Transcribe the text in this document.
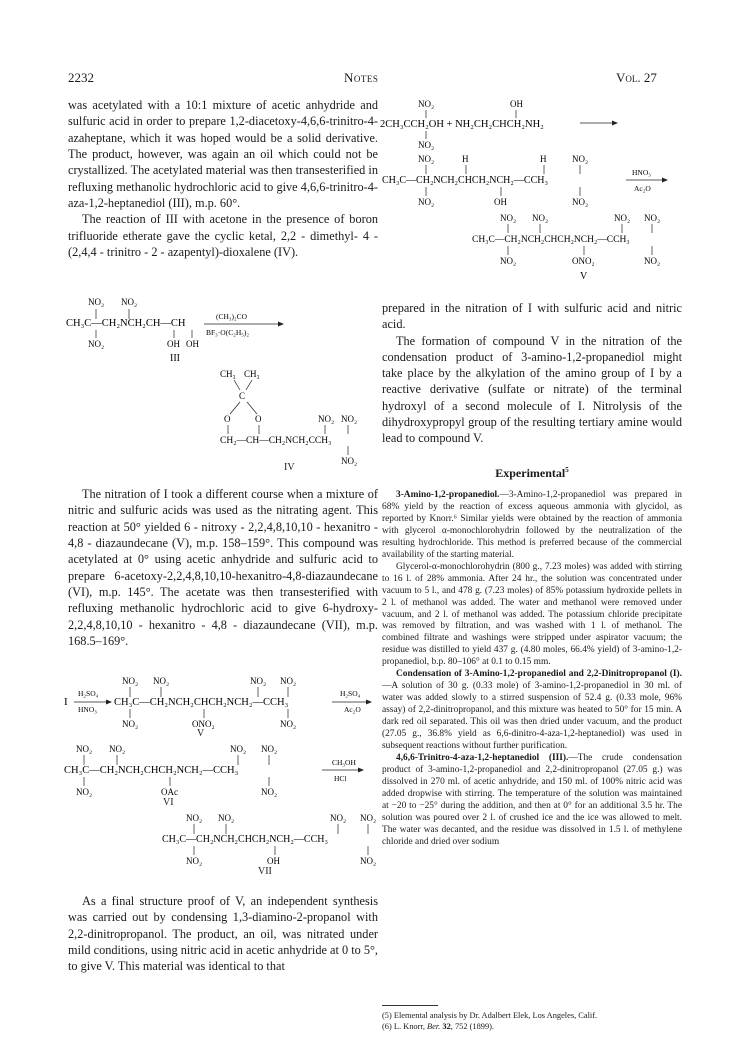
2232	Notes	Vol. 27

was acetylated with a 10:1 mixture of acetic anhydride and sulfuric acid in order to prepare 1,2-diacetoxy-4,6,6-trinitro-4-azaheptane, which it was hoped would be a solid derivative. The product, however, was again an oil which could not be crystallized. The acetylated material was then transesterified in refluxing methanolic hydrochloric acid to give 4,6,6-trinitro-4-aza-1,2-heptanediol (III), m.p. 60°.

The reaction of III with acetone in the presence of boron trifluoride etherate gave the cyclic ketal, 2,2 - dimethyl- 4 - (2,4,4 - trinitro - 2 - azapentyl)-dioxalene (IV).

NO₂ NO₂
CH₃C—CH₂NCH₂CH—CH
(CH₃)₂CO
BF₃·O(C₂H₅)₂
NO₂	OH OH
III
CH₃ CH₃
C
O	O	NO₂ NO₂
CH₂—CH—CH₂NCH₂CCH₃
NO₂
IV

The nitration of I took a different course when a mixture of nitric and sulfuric acids was used as the nitrating agent. This reaction at 50° yielded 6 - nitroxy - 2,2,4,8,10,10 - hexanitro - 4,8 - diazaundecane (V), m.p. 158–159°. This compound was acetylated at 0° using acetic anhydride and sulfuric acid to prepare 6-acetoxy-2,2,4,8,10,10-hexanitro-4,8-diazaundecane (VI), m.p. 145°. The acetate was then transesterified with refluxing methanolic hydrochloric acid to give 6-hydroxy-2,2,4,8,10,10 - hexanitro - 4,8 - diazaundecane (VII), m.p. 168.5–169°.

NO₂ NO₂	NO₂ NO₂
I
H₂SO₄
HNO₃
CH₃C—CH₂NCH₂CHCH₂NCH₂—CCH₃
H₂SO₄
Ac₂O
NO₂	ONO₂	NO₂
V
NO₂ NO₂	NO₂ NO₂
CH₃C—CH₂NCH₂CHCH₂NCH₂—CCH₃
CH₃OH
HCl
NO₂	OAc	NO₂
VI
NO₂ NO₂	NO₂ NO₂
CH₃C—CH₂NCH₂CHCH₂NCH₂—CCH₃
NO₂	OH	NO₂
VII

As a final structure proof of V, an independent synthesis was carried out by condensing 1,3-diamino-2-propanol with 2,2-dinitropropanol. The product, an oil, was nitrated under mild conditions, using nitric acid in acetic anhydride at 0 to 5°, to give V. This material was identical to that

NO₂	OH
2CH₃CCH₂OH + NH₂CH₂CHCH₂NH₂
NO₂
NO₂	H	H	NO₂
CH₃C—CH₂NCH₂CHCH₂NCH₂—CCH₃
HNO₃
Ac₂O
NO₂	OH	NO₂
NO₂ NO₂	NO₂ NO₂
CH₃C—CH₂NCH₂CHCH₂NCH₂—CCH₃
NO₂	ONO₂	NO₂
V

prepared in the nitration of I with sulfuric acid and nitric acid.

The formation of compound V in the nitration of the condensation product of 3-amino-1,2-propanediol might take place by the alkylation of the amino group of I by a reactive derivative (sulfate or nitrate) of the terminal hydroxyl of a second molecule of I. Nitrolysis of the dihydroxypropyl group of the resulting tertiary amine would lead to compound V.

Experimental$^5$

3-Amino-1,2-propanediol.—3-Amino-1,2-propanediol was prepared in 68% yield by the reaction of excess aqueous ammonia with glycidol, as reported by Knorr.⁶ Similar yields were obtained by the reaction of ammonia with glycerol α-monochlorohydrin followed by the neutralization of the resulting hydrochloride. This method is preferred because of the commercial availability of the starting material.

Glycerol-α-monochlorohydrin (800 g., 7.23 moles) was added with stirring to 16 l. of 28% ammonia. After 24 hr., the solution was concentrated under vacuum to 5 l., and 478 g. (7.23 moles) of 85% potassium hydroxide pellets in 2 l. of methanol was added. The water and methanol were removed under vacuum, and 2 l. of methanol was added. The potassium chloride precipitate was removed by filtration, and was washed with 1 l. of methanol. The combined filtrate and washings were stripped under aspirator vacuum; the residue was distilled to yield 437 g. (4.80 moles, 66.4% yield) of 3-amino-1,2-propanediol, b.p. 80–106° at 0.1 to 0.15 mm.

Condensation of 3-Amino-1,2-propanediol and 2,2-Dinitropropanol (I).—A solution of 30 g. (0.33 mole) of 3-amino-1,2-propanediol in 30 ml. of water was added slowly to a stirred suspension of 52.4 g. (0.33 mole, 96% assay) of 2,2-dinitropropanol, and this mixture was heated to 50° for 15 min. A dark red oil separated. This oil was then dried under vacuum, and the product (27.05 g., 36.8% yield as 6,6-dinitro-4-aza-1,2-heptanediol) was used in subsequent reactions without further purification.

4,6,6-Trinitro-4-aza-1,2-heptanediol (III).—The crude condensation product of 3-amino-1,2-propanediol and 2,2-dinitropropanol (27.05 g.) was dissolved in 270 ml. of acetic anhydride, and 150 ml. of 100% nitric acid was added dropwise with stirring. The temperature of the solution was maintained at −20 to −25° during the addition, and then at 0° for an additional 3.5 hr. The solution was poured over 2 l. of crushed ice and the ice was allowed to melt. The water was decanted, and the residue was dissolved in 1.5 l. of methylene chloride and dried over sodium

(5) Elemental analysis by Dr. Adalbert Elek, Los Angeles, Calif.
(6) L. Knorr, Ber. 32, 752 (1899).
